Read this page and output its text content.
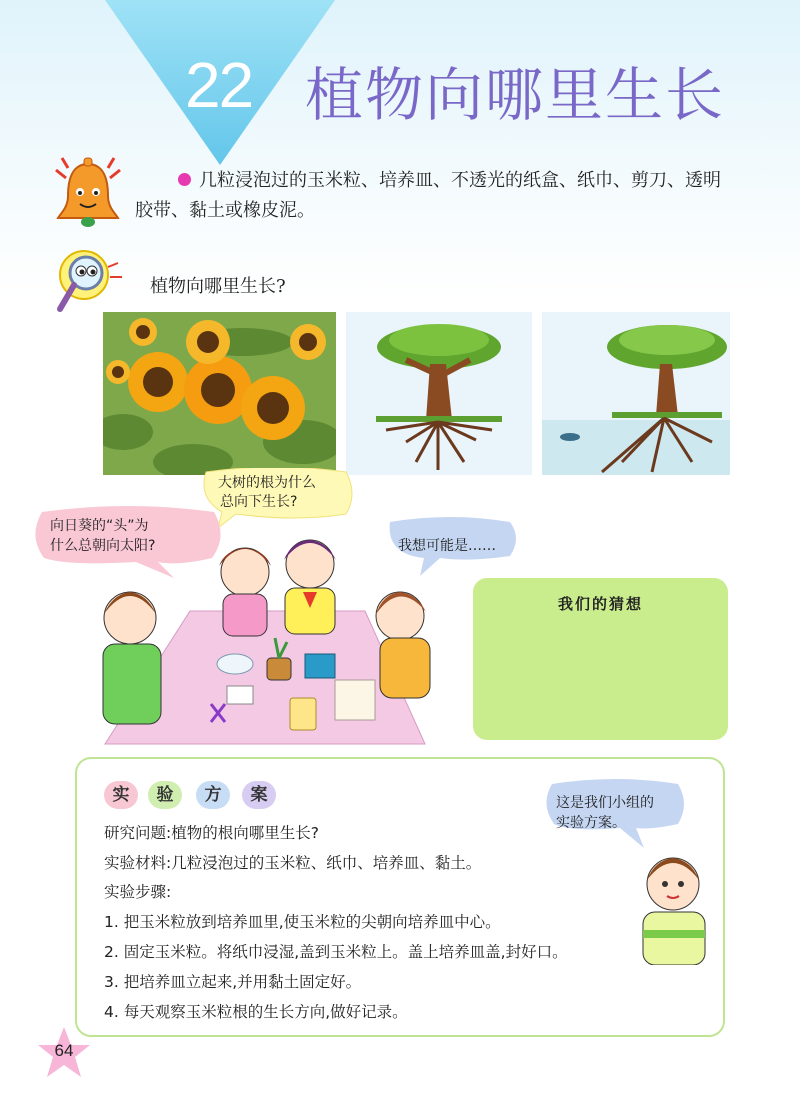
22 植物向哪里生长
几粒浸泡过的玉米粒、培养皿、不透光的纸盒、纸巾、剪刀、透明胶带、黏土或橡皮泥。
植物向哪里生长?
大树的根为什么
总向下生长?
向日葵的“头”为
什么总朝向太阳?	我想可能是……
我们的猜想
实	验	方	案	这是我们小组的
实验方案。
研究问题:植物的根向哪里生长?
实验材料:几粒浸泡过的玉米粒、纸巾、培养皿、黏土。
实验步骤:
1. 把玉米粒放到培养皿里,使玉米粒的尖朝向培养皿中心。
2. 固定玉米粒。将纸巾浸湿,盖到玉米粒上。盖上培养皿盖,封好口。
3. 把培养皿立起来,并用黏土固定好。
4. 每天观察玉米粒根的生长方向,做好记录。
64
